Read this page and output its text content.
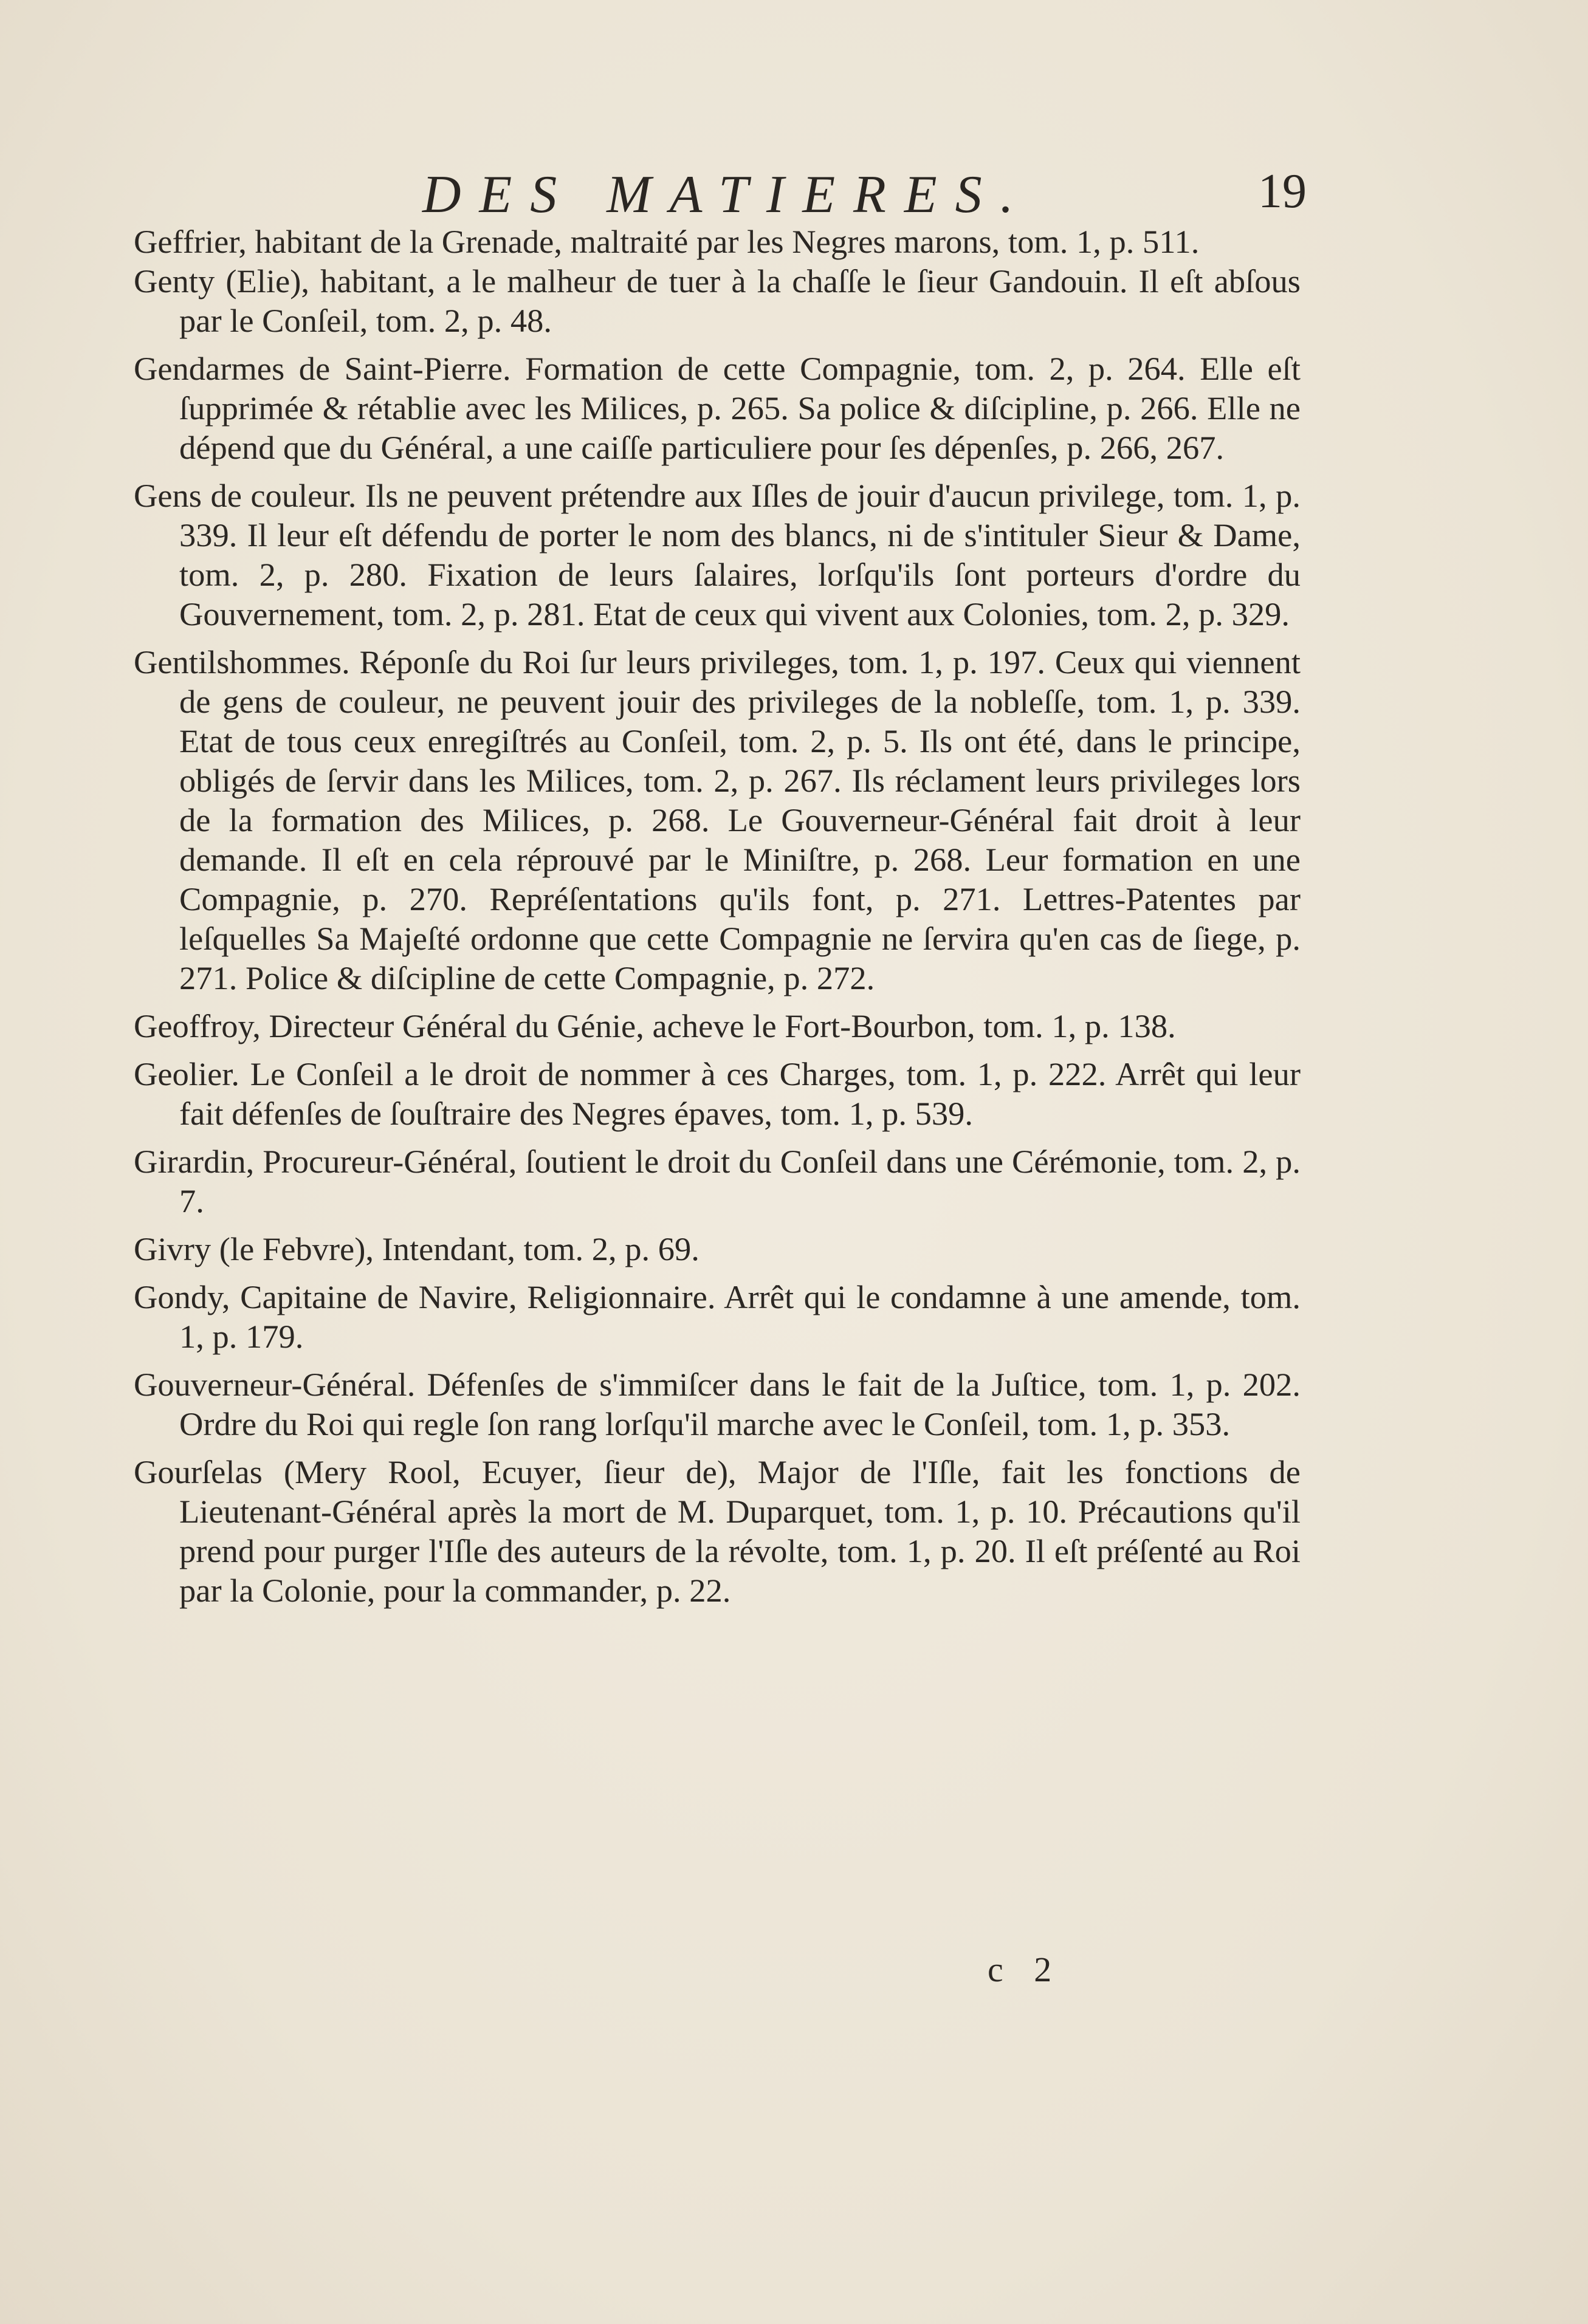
DES MATIERES.	19

Geffrier, habitant de la Grenade, maltraité par les Negres marons, tom. 1, p. 511.

Genty (Elie), habitant, a le malheur de tuer à la chaſſe le ſieur Gandouin. Il eſt abſous par le Conſeil, tom. 2, p. 48.

Gendarmes de Saint-Pierre. Formation de cette Compagnie, tom. 2, p. 264. Elle eſt ſupprimée & rétablie avec les Milices, p. 265. Sa police & diſcipline, p. 266. Elle ne dépend que du Général, a une caiſſe particuliere pour ſes dépenſes, p. 266, 267.

Gens de couleur. Ils ne peuvent prétendre aux Iſles de jouir d'aucun privilege, tom. 1, p. 339. Il leur eſt défendu de porter le nom des blancs, ni de s'intituler Sieur & Dame, tom. 2, p. 280. Fixation de leurs ſalaires, lorſqu'ils ſont porteurs d'ordre du Gouvernement, tom. 2, p. 281. Etat de ceux qui vivent aux Colonies, tom. 2, p. 329.

Gentilshommes. Réponſe du Roi ſur leurs privileges, tom. 1, p. 197. Ceux qui viennent de gens de couleur, ne peuvent jouir des privileges de la nobleſſe, tom. 1, p. 339. Etat de tous ceux enregiſtrés au Conſeil, tom. 2, p. 5. Ils ont été, dans le principe, obligés de ſervir dans les Milices, tom. 2, p. 267. Ils réclament leurs privileges lors de la formation des Milices, p. 268. Le Gouverneur-Général fait droit à leur demande. Il eſt en cela réprouvé par le Miniſtre, p. 268. Leur formation en une Compagnie, p. 270. Repréſentations qu'ils font, p. 271. Lettres-Patentes par leſquelles Sa Majeſté ordonne que cette Compagnie ne ſervira qu'en cas de ſiege, p. 271. Police & diſcipline de cette Compagnie, p. 272.

Geoffroy, Directeur Général du Génie, acheve le Fort-Bourbon, tom. 1, p. 138.

Geolier. Le Conſeil a le droit de nommer à ces Charges, tom. 1, p. 222. Arrêt qui leur fait défenſes de ſouſtraire des Negres épaves, tom. 1, p. 539.

Girardin, Procureur-Général, ſoutient le droit du Conſeil dans une Cérémonie, tom. 2, p. 7.

Givry (le Febvre), Intendant, tom. 2, p. 69.

Gondy, Capitaine de Navire, Religionnaire. Arrêt qui le condamne à une amende, tom. 1, p. 179.

Gouverneur-Général. Défenſes de s'immiſcer dans le fait de la Juſtice, tom. 1, p. 202. Ordre du Roi qui regle ſon rang lorſqu'il marche avec le Conſeil, tom. 1, p. 353.

Gourſelas (Mery Rool, Ecuyer, ſieur de), Major de l'Iſle, fait les fonctions de Lieutenant-Général après la mort de M. Duparquet, tom. 1, p. 10. Précautions qu'il prend pour purger l'Iſle des auteurs de la révolte, tom. 1, p. 20. Il eſt préſenté au Roi par la Colonie, pour la commander, p. 22.

c 2
